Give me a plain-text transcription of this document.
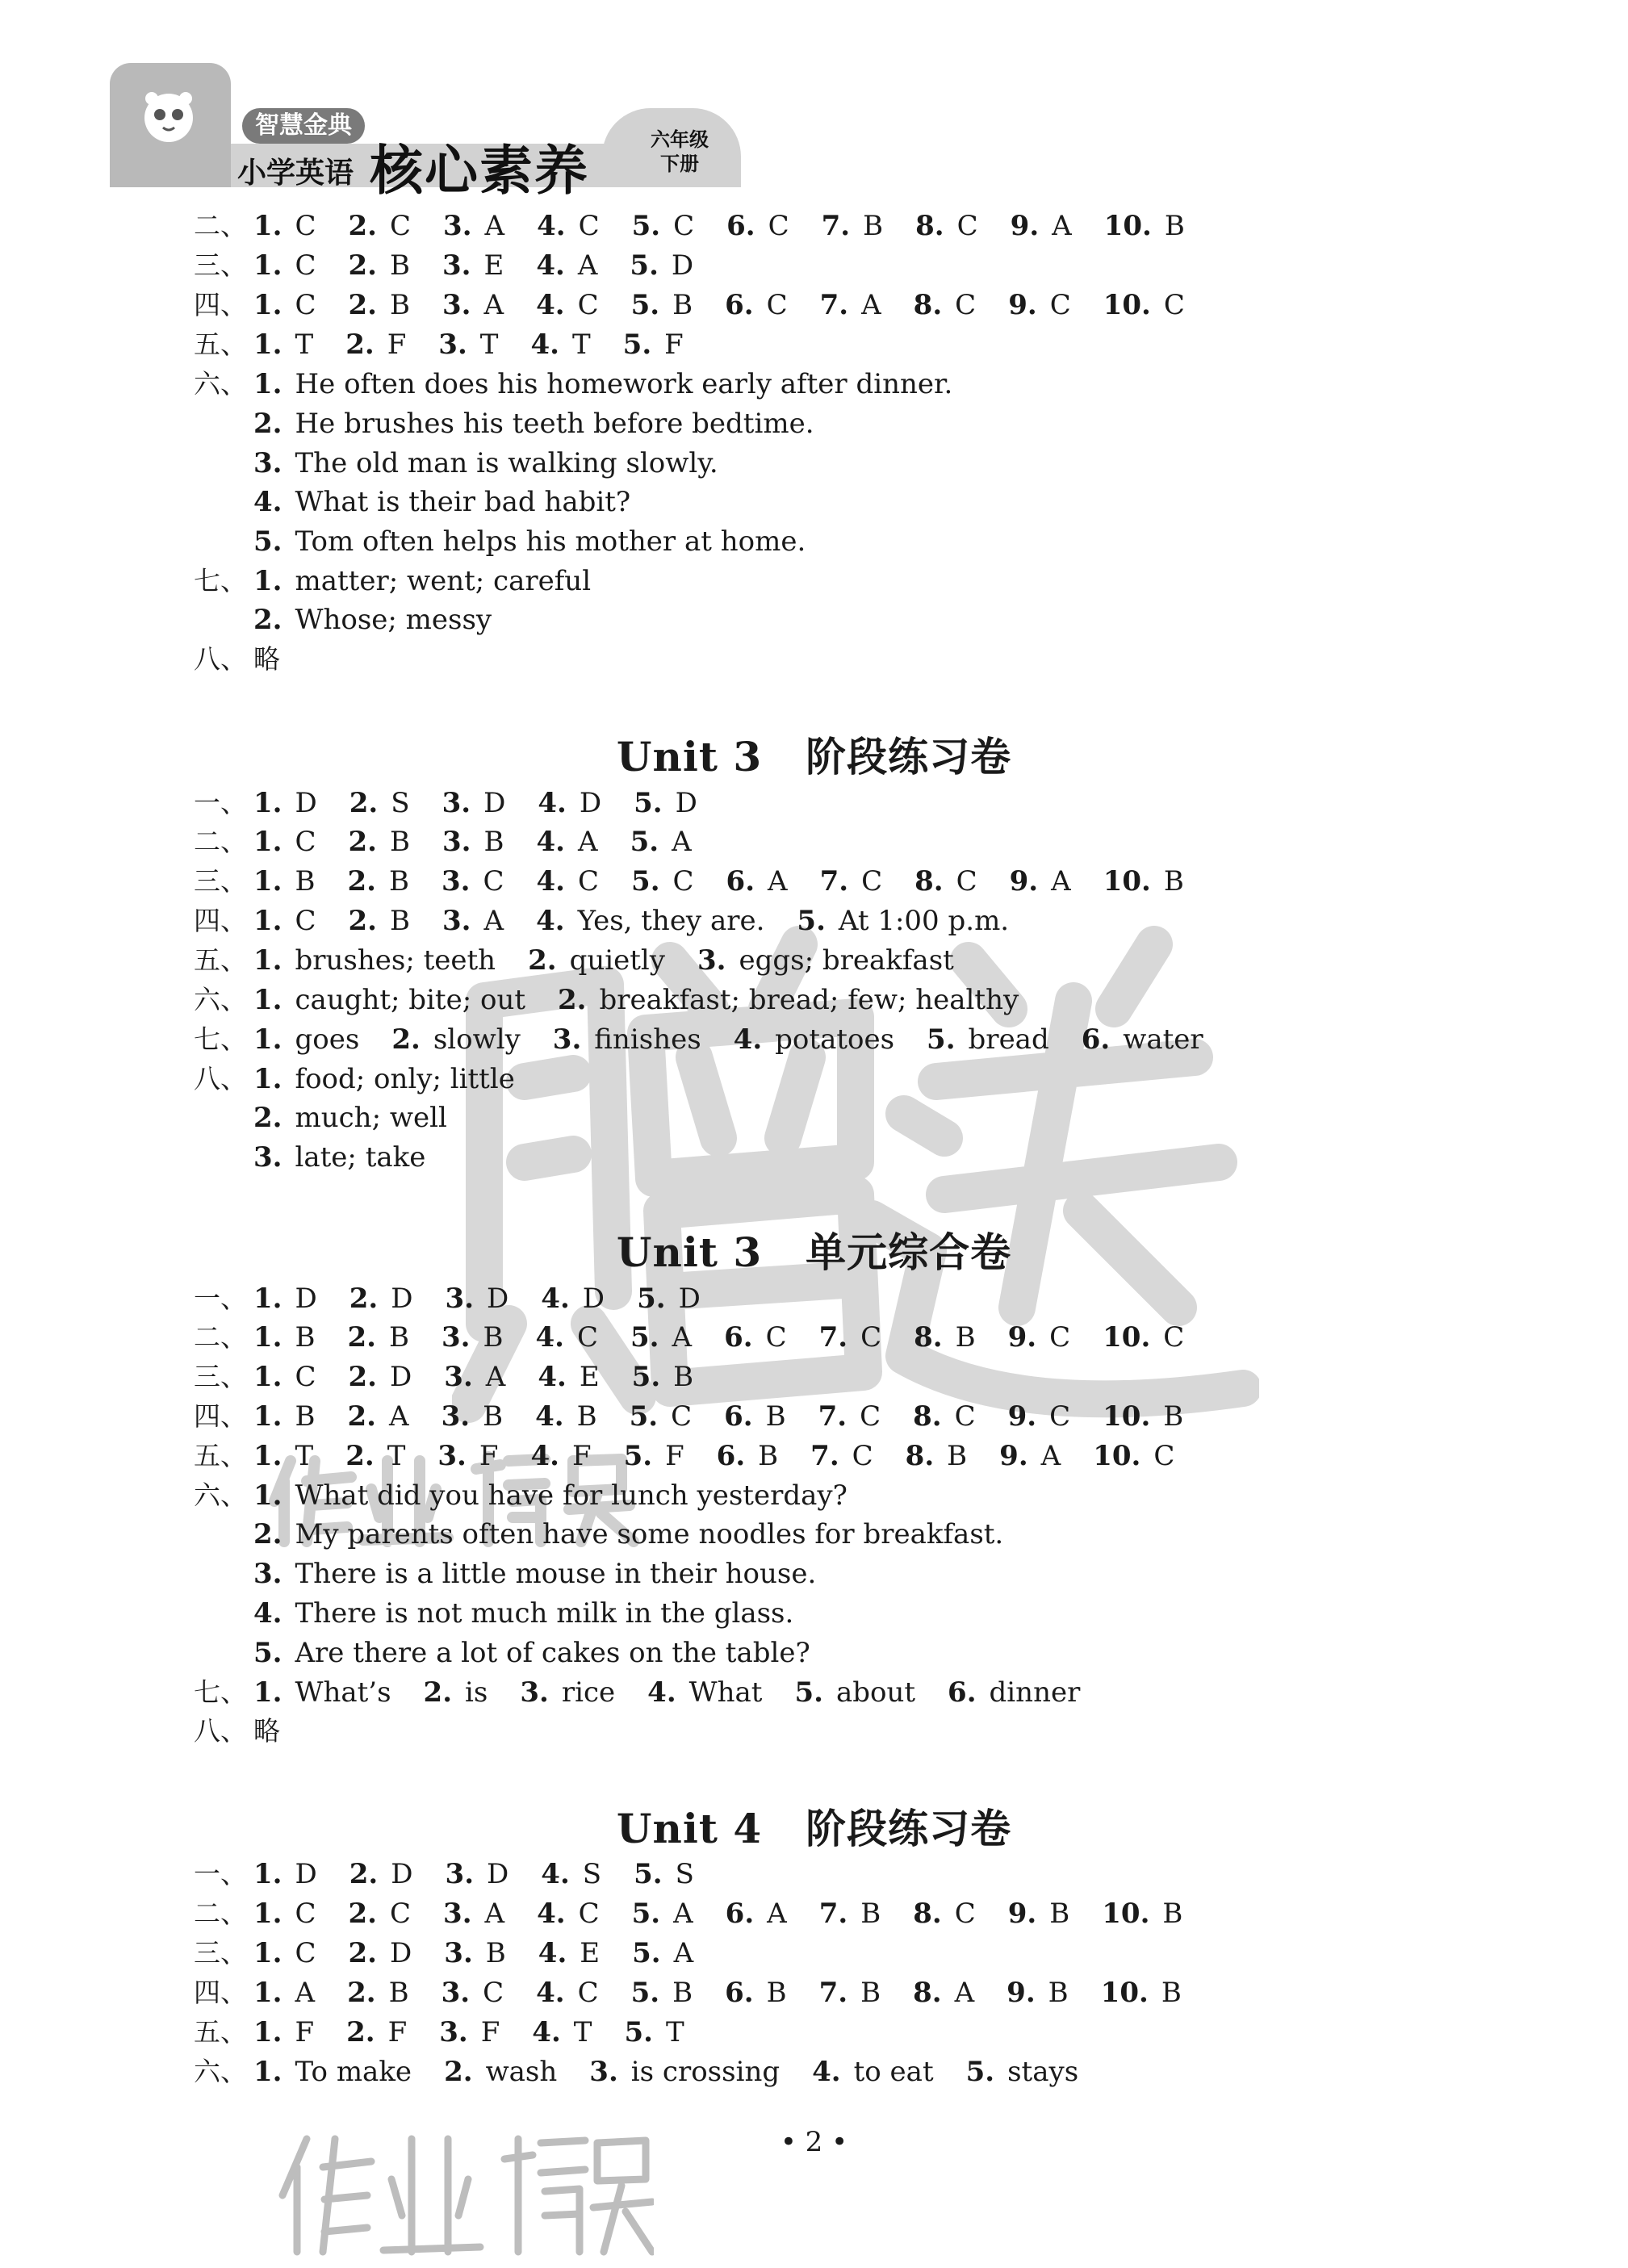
智慧金典
小学英语 核心素养	六年级
下册
二、 1. C 2. C 3. A 4. C 5. C 6. C 7. B 8. C 9. A 10. B
三、 1. C 2. B 3. E 4. A 5. D
四、 1. C 2. B 3. A 4. C 5. B 6. C 7. A 8. C 9. C 10. C
五、 1. T 2. F 3. T 4. T 5. F
六、 1. He often does his homework early after dinner.
2. He brushes his teeth before bedtime.
3. The old man is walking slowly.
4. What is their bad habit?
5. Tom often helps his mother at home.
七、 1. matter; went; careful
2. Whose; messy
八、 略
Unit 3 阶段练习卷
一、 1. D 2. S 3. D 4. D 5. D
二、 1. C 2. B 3. B 4. A 5. A
三、 1. B 2. B 3. C 4. C 5. C 6. A 7. C 8. C 9. A 10. B
四、 1. C 2. B 3. A 4. Yes, they are. 5. At 1:00 p.m.
五、 1. brushes; teeth 2. quietly 3. eggs; breakfast
六、 1. caught; bite; out 2. breakfast; bread; few; healthy
七、 1. goes 2. slowly 3. finishes 4. potatoes 5. bread 6. water
八、 1. food; only; little
2. much; well
3. late; take
Unit 3 单元综合卷
一、 1. D 2. D 3. D 4. D 5. D
二、 1. B 2. B 3. B 4. C 5. A 6. C 7. C 8. B 9. C 10. C
三、 1. C 2. D 3. A 4. E 5. B
四、 1. B 2. A 3. B 4. B 5. C 6. B 7. C 8. C 9. C 10. B
五、 1. T 2. T 3. F 4. F 5. F 6. B 7. C 8. B 9. A 10. C
六、 1. What did you have for lunch yesterday?
2. My parents often have some noodles for breakfast.
3. There is a little mouse in their house.
4. There is not much milk in the glass.
5. Are there a lot of cakes on the table?
七、 1. What’s 2. is 3. rice 4. What 5. about 6. dinner
八、 略
Unit 4 阶段练习卷
一、 1. D 2. D 3. D 4. S 5. S
二、 1. C 2. C 3. A 4. C 5. A 6. A 7. B 8. C 9. B 10. B
三、 1. C 2. D 3. B 4. E 5. A
四、 1. A 2. B 3. C 4. C 5. B 6. B 7. B 8. A 9. B 10. B
五、 1. F 2. F 3. F 4. T 5. T
六、 1. To make 2. wash 3. is crossing 4. to eat 5. stays
• 2 •
